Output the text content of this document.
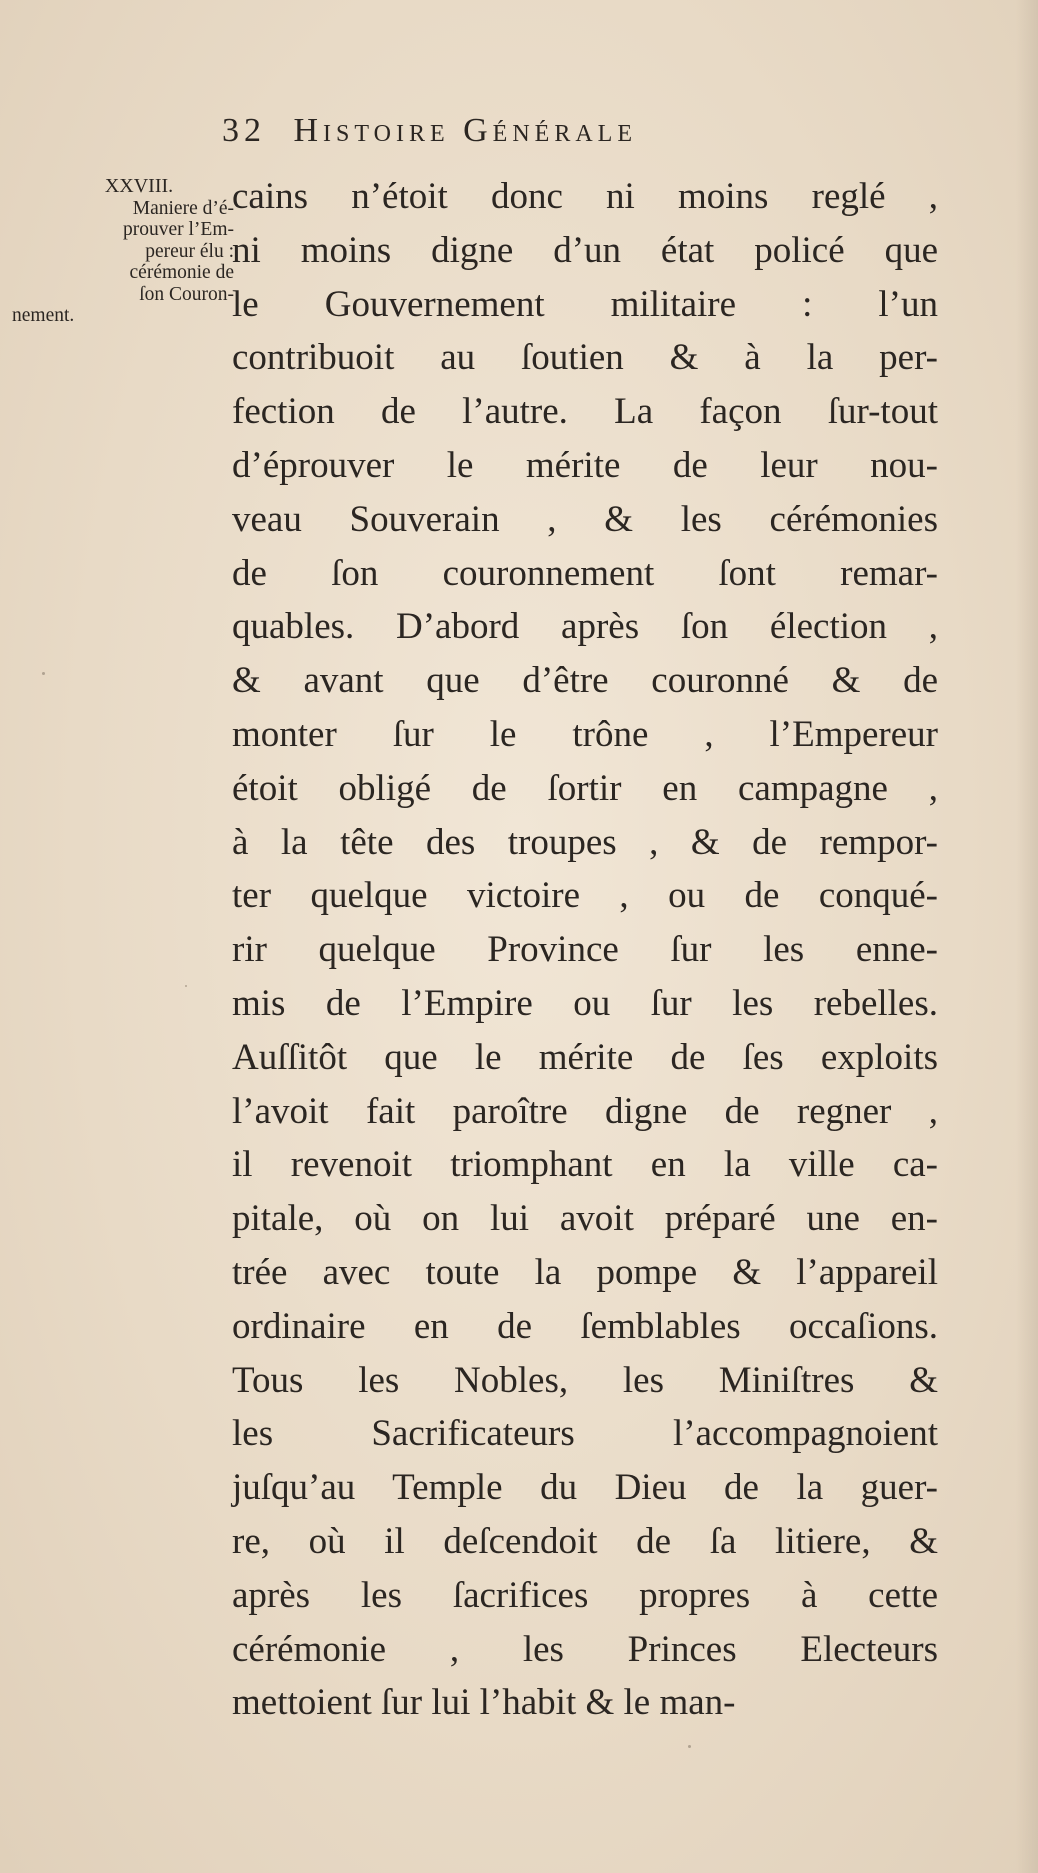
32 Histoire Générale
XXVIII.
Maniere d’é-
prouver l’Em-
pereur élu :
cérémonie de
ſon Couron-
nement.
cains n’étoit donc ni moins reglé ,
ni moins digne d’un état policé que
le Gouvernement militaire : l’un
contribuoit au ſoutien & à la per-
fection de l’autre. La façon ſur-tout
d’éprouver le mérite de leur nou-
veau Souverain , & les cérémonies
de ſon couronnement ſont remar-
quables. D’abord après ſon élection ,
& avant que d’être couronné & de
monter ſur le trône , l’Empereur
étoit obligé de ſortir en campagne ,
à la tête des troupes , & de rempor-
ter quelque victoire , ou de conqué-
rir quelque Province ſur les enne-
mis de l’Empire ou ſur les rebelles.
Auſſitôt que le mérite de ſes exploits
l’avoit fait paroître digne de regner ,
il revenoit triomphant en la ville ca-
pitale, où on lui avoit préparé une en-
trée avec toute la pompe & l’appareil
ordinaire en de ſemblables occaſions.
Tous les Nobles, les Miniſtres &
les Sacrificateurs l’accompagnoient
juſqu’au Temple du Dieu de la guer-
re, où il deſcendoit de ſa litiere, &
après les ſacrifices propres à cette
cérémonie , les Princes Electeurs
mettoient ſur lui l’habit & le man-
